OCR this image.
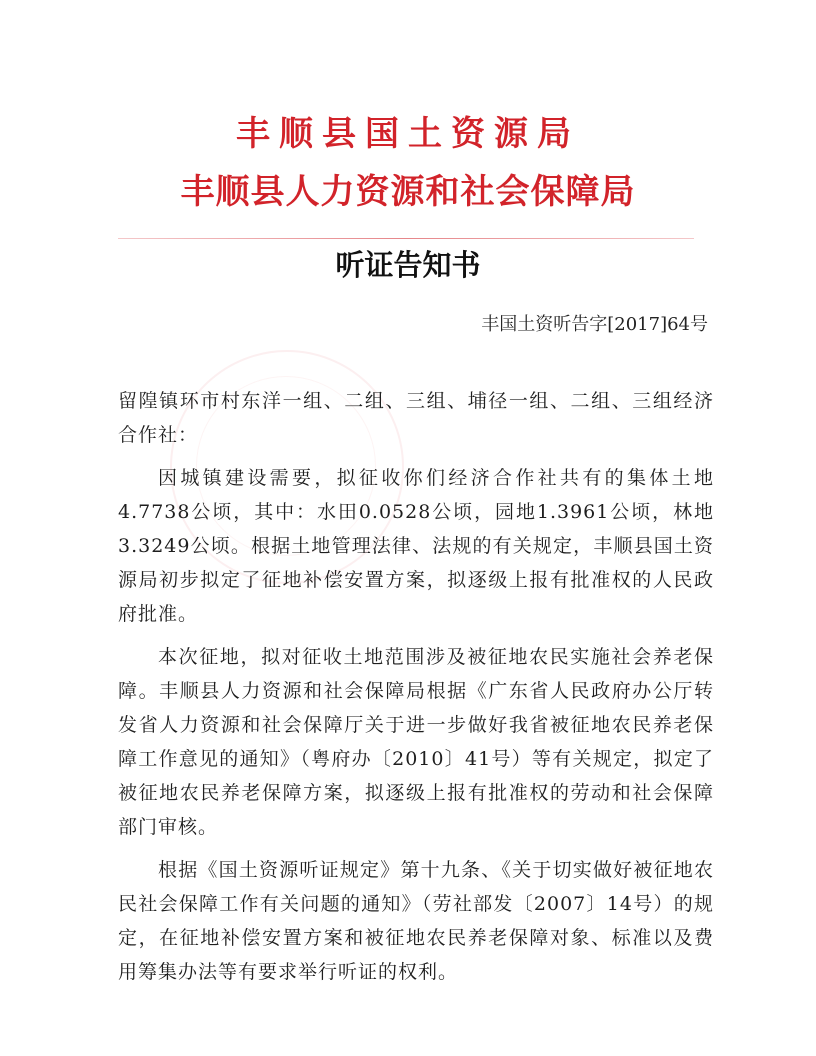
丰顺县国土资源局
丰顺县人力资源和社会保障局
听证告知书
丰国土资听告字[2017]64号

留隍镇环市村东洋一组、二组、三组、埔径一组、二组、三组经济合作社：

因城镇建设需要，拟征收你们经济合作社共有的集体土地4.7738公顷，其中：水田0.0528公顷，园地1.3961公顷，林地3.3249公顷。根据土地管理法律、法规的有关规定，丰顺县国土资源局初步拟定了征地补偿安置方案，拟逐级上报有批准权的人民政府批准。

本次征地，拟对征收土地范围涉及被征地农民实施社会养老保障。丰顺县人力资源和社会保障局根据《广东省人民政府办公厅转发省人力资源和社会保障厅关于进一步做好我省被征地农民养老保障工作意见的通知》（粤府办〔2010〕41号）等有关规定，拟定了被征地农民养老保障方案，拟逐级上报有批准权的劳动和社会保障部门审核。

根据《国土资源听证规定》第十九条、《关于切实做好被征地农民社会保障工作有关问题的通知》（劳社部发〔2007〕14号）的规定，在征地补偿安置方案和被征地农民养老保障对象、标准以及费用筹集办法等有要求举行听证的权利。
